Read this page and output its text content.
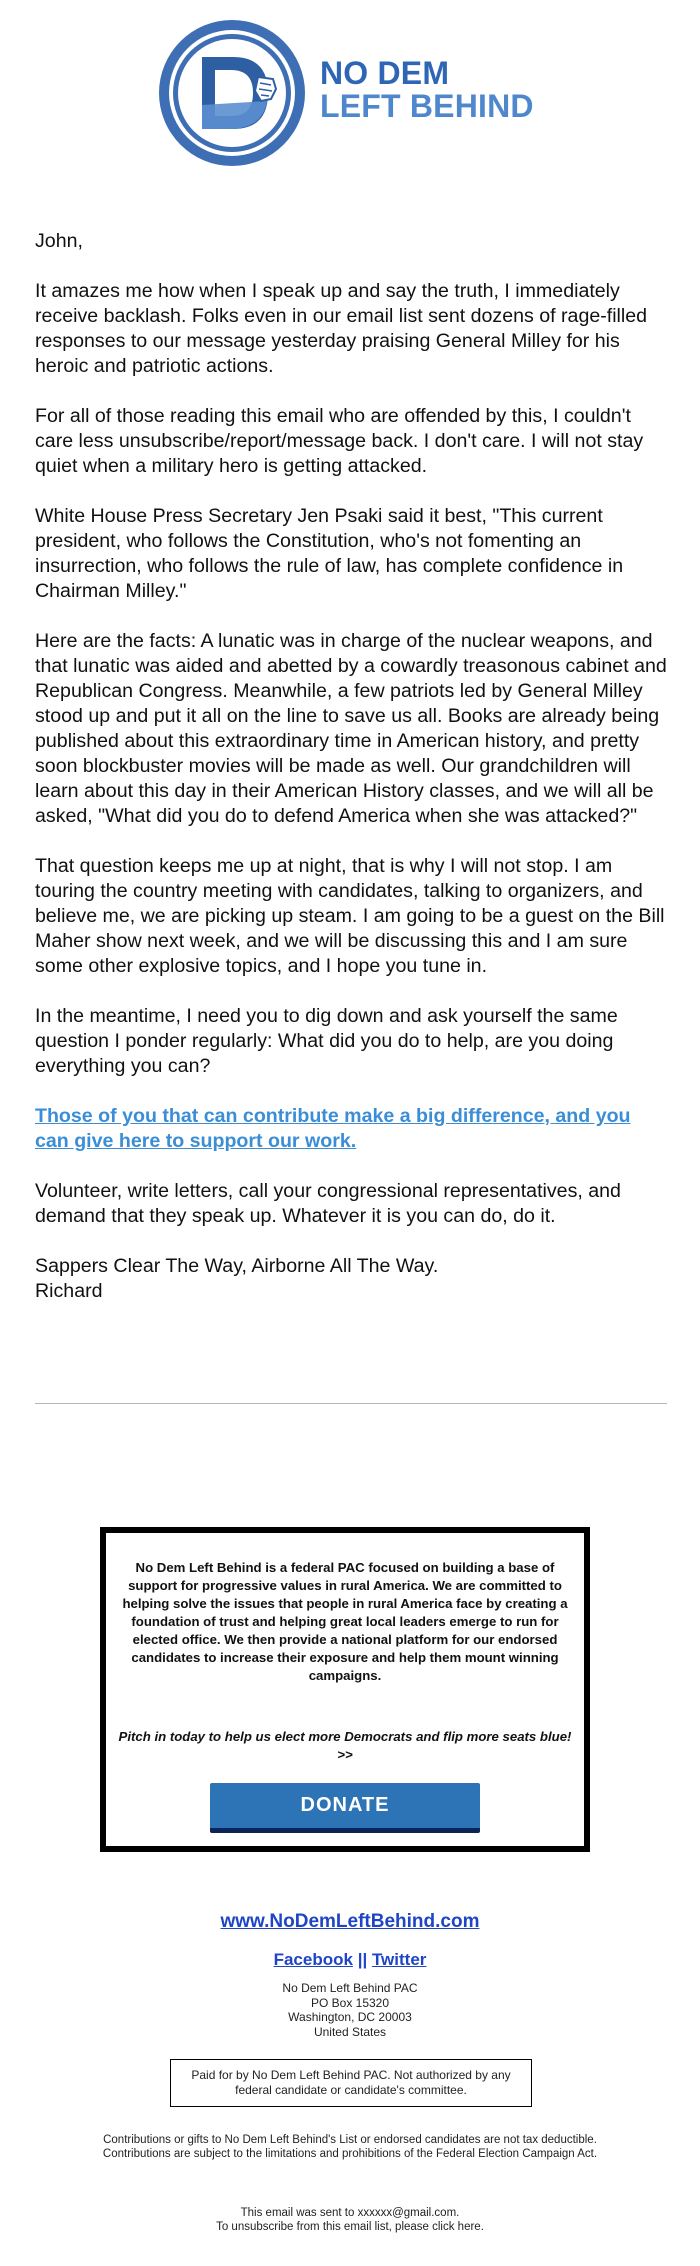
NO DEM
LEFT BEHIND

John,

It amazes me how when I speak up and say the truth, I immediately receive backlash. Folks even in our email list sent dozens of rage-filled responses to our message yesterday praising General Milley for his heroic and patriotic actions.

For all of those reading this email who are offended by this, I couldn't care less unsubscribe/report/message back. I don't care. I will not stay quiet when a military hero is getting attacked.

White House Press Secretary Jen Psaki said it best, "This current president, who follows the Constitution, who's not fomenting an insurrection, who follows the rule of law, has complete confidence in Chairman Milley."

Here are the facts: A lunatic was in charge of the nuclear weapons, and that lunatic was aided and abetted by a cowardly treasonous cabinet and Republican Congress. Meanwhile, a few patriots led by General Milley stood up and put it all on the line to save us all. Books are already being published about this extraordinary time in American history, and pretty soon blockbuster movies will be made as well. Our grandchildren will learn about this day in their American History classes, and we will all be asked, "What did you do to defend America when she was attacked?"

That question keeps me up at night, that is why I will not stop. I am touring the country meeting with candidates, talking to organizers, and believe me, we are picking up steam. I am going to be a guest on the Bill Maher show next week, and we will be discussing this and I am sure some other explosive topics, and I hope you tune in.

In the meantime, I need you to dig down and ask yourself the same question I ponder regularly: What did you do to help, are you doing everything you can?

Those of you that can contribute make a big difference, and you can give here to support our work.

Volunteer, write letters, call your congressional representatives, and demand that they speak up. Whatever it is you can do, do it.

Sappers Clear The Way, Airborne All The Way.
Richard

No Dem Left Behind is a federal PAC focused on building a base of support for progressive values in rural America. We are committed to helping solve the issues that people in rural America face by creating a foundation of trust and helping great local leaders emerge to run for elected office. We then provide a national platform for our endorsed candidates to increase their exposure and help them mount winning campaigns.
Pitch in today to help us elect more Democrats and flip more seats blue! >>
DONATE
www.NoDemLeftBehind.com
Facebook || Twitter
No Dem Left Behind PAC
PO Box 15320
Washington, DC 20003
United States
Paid for by No Dem Left Behind PAC. Not authorized by any federal candidate or candidate's committee.
Contributions or gifts to No Dem Left Behind's List or endorsed candidates are not tax deductible.
Contributions are subject to the limitations and prohibitions of the Federal Election Campaign Act.
This email was sent to xxxxxx@gmail.com.
To unsubscribe from this email list, please click here.
